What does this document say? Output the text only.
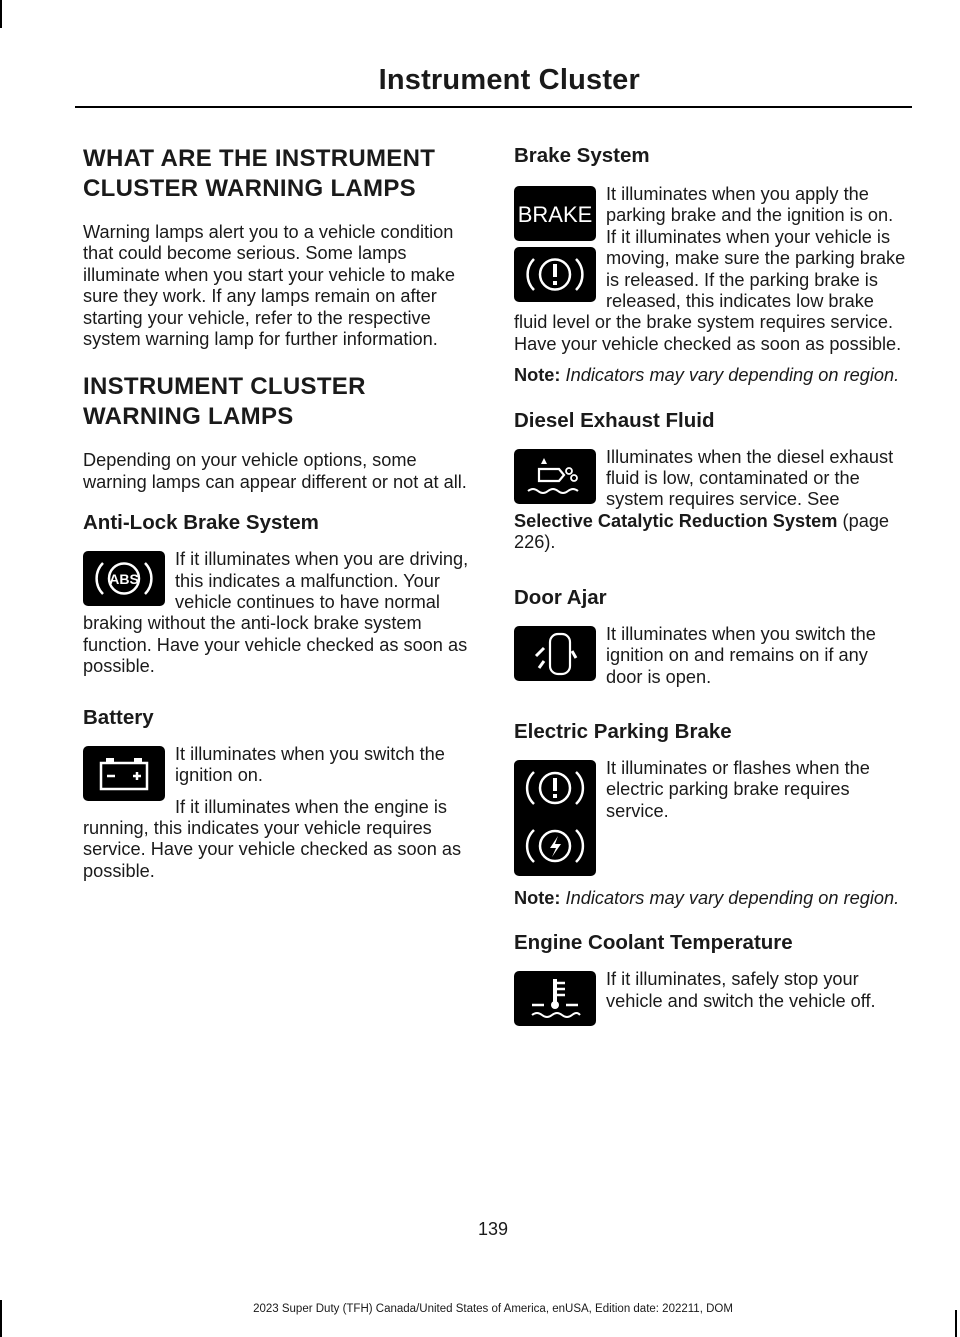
Instrument Cluster
WHAT ARE THE INSTRUMENT
CLUSTER WARNING LAMPS

Warning lamps alert you to a vehicle condition that could become serious. Some lamps illuminate when you start your vehicle to make sure they work. If any lamps remain on after starting your vehicle, refer to the respective system warning lamp for further information.

INSTRUMENT CLUSTER
WARNING LAMPS

Depending on your vehicle options, some warning lamps can appear different or not at all.

Anti-Lock Brake System
ABS

If it illuminates when you are driving, this indicates a malfunction. Your vehicle continues to have normal braking without the anti-lock brake system function. Have your vehicle checked as soon as possible.

Battery

It illuminates when you switch the ignition on.

If it illuminates when the engine is running, this indicates your vehicle requires service. Have your vehicle checked as soon as possible.

Brake System
BRAKE

It illuminates when you apply the parking brake and the ignition is on. If it illuminates when your vehicle is moving, make sure the parking brake is released. If the parking brake is released, this indicates low brake fluid level or the brake system requires service. Have your vehicle checked as soon as possible.

Note: Indicators may vary depending on region.

Diesel Exhaust Fluid

Illuminates when the diesel exhaust fluid is low, contaminated or the system requires service. See Selective Catalytic Reduction System (page 226).

Door Ajar

It illuminates when you switch the ignition on and remains on if any door is open.

Electric Parking Brake

It illuminates or flashes when the electric parking brake requires service.

Note: Indicators may vary depending on region.

Engine Coolant Temperature

If it illuminates, safely stop your vehicle and switch the vehicle off.

139
2023 Super Duty (TFH) Canada/United States of America, enUSA, Edition date: 202211, DOM
